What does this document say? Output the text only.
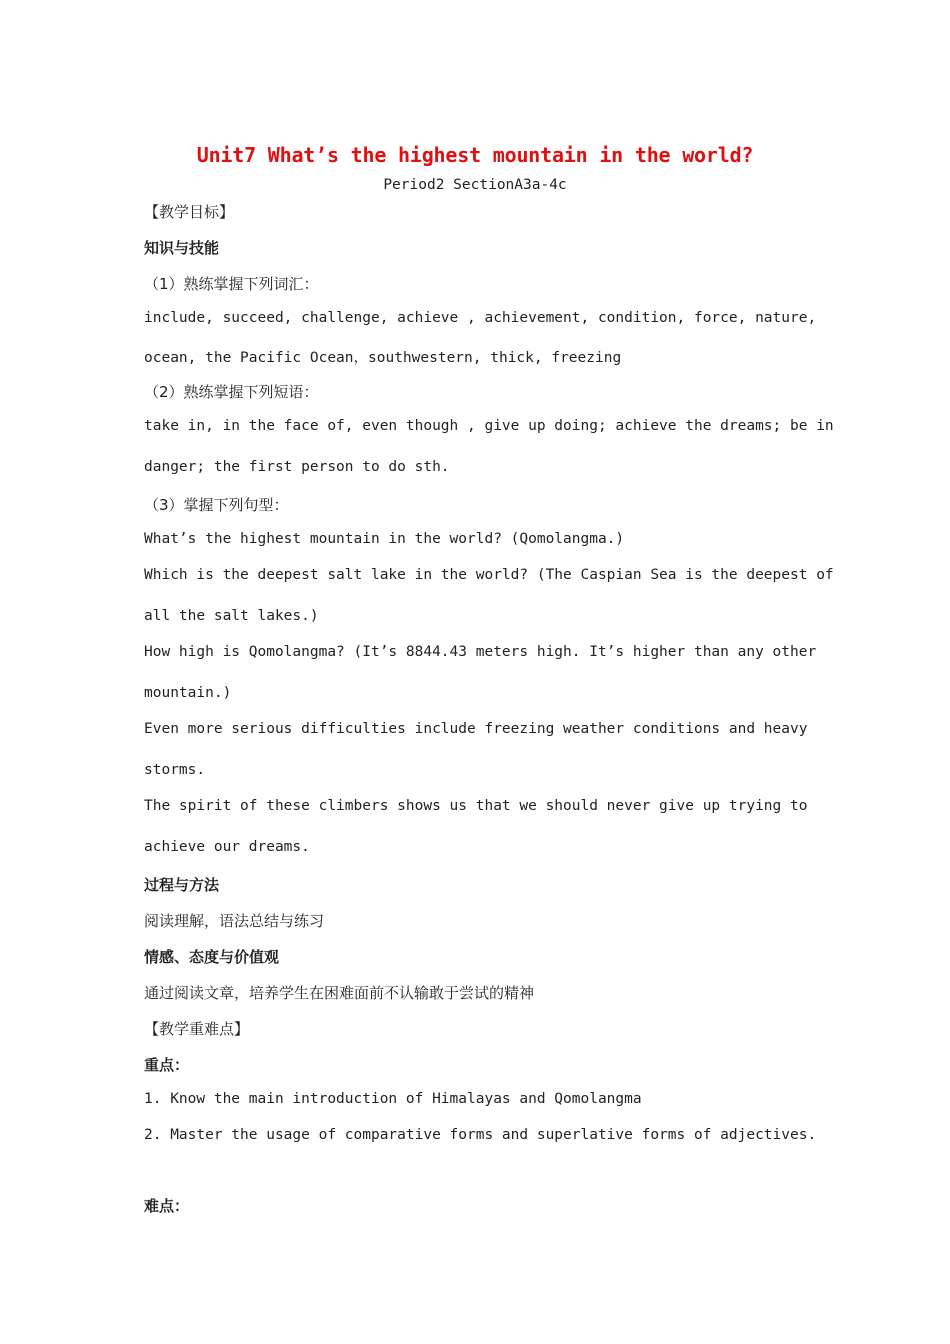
Unit7 What’s the highest mountain in the world?
Period2 SectionA3a-4c
【教学目标】
知识与技能
（1）熟练掌握下列词汇：
include, succeed, challenge, achieve , achievement, condition, force, nature,
ocean, the Pacific Ocean，southwestern, thick, freezing
（2）熟练掌握下列短语：
take in, in the face of, even though , give up doing; achieve the dreams; be in
danger; the first person to do sth.
（3）掌握下列句型：
What’s the highest mountain in the world? (Qomolangma.)
Which is the deepest salt lake in the world? (The Caspian Sea is the deepest of
all the salt lakes.)
How high is Qomolangma? (It’s 8844.43 meters high. It’s higher than any other
mountain.)
Even more serious difficulties include freezing weather conditions and heavy
storms.
The spirit of these climbers shows us that we should never give up trying to
achieve our dreams.
过程与方法
阅读理解，语法总结与练习
情感、态度与价值观
通过阅读文章，培养学生在困难面前不认输敢于尝试的精神
【教学重难点】
重点：
1. Know the main introduction of Himalayas and Qomolangma
2. Master the usage of comparative forms and superlative forms of adjectives.
难点：
